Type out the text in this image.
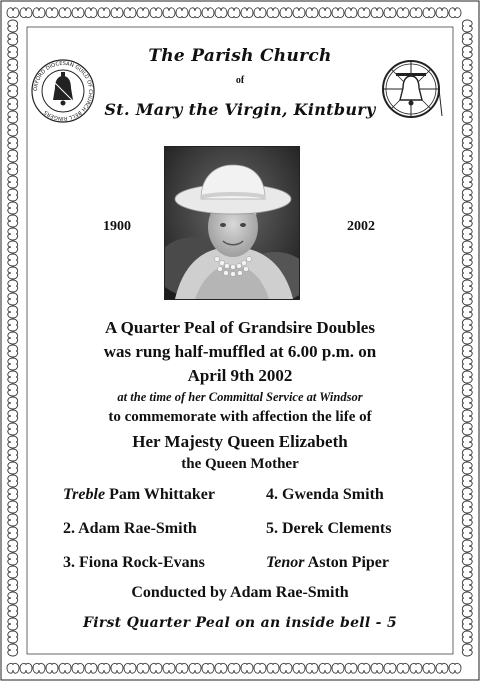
The Parish Church
of
St. Mary the Virgin, Kintbury
OXFORD DIOCESAN GUILD OF CHURCH BELL RINGERS
1900	2002
A Quarter Peal of Grandsire Doubles
was rung half-muffled at 6.00 p.m. on
April 9th 2002
at the time of her Committal Service at Windsor
to commemorate with affection the life of
Her Majesty Queen Elizabeth
the Queen Mother
Treble Pam Whittaker
2. Adam Rae-Smith
3. Fiona Rock-Evans
4. Gwenda Smith
5. Derek Clements
Tenor Aston Piper
Conducted by Adam Rae-Smith
First Quarter Peal on an inside bell - 5
